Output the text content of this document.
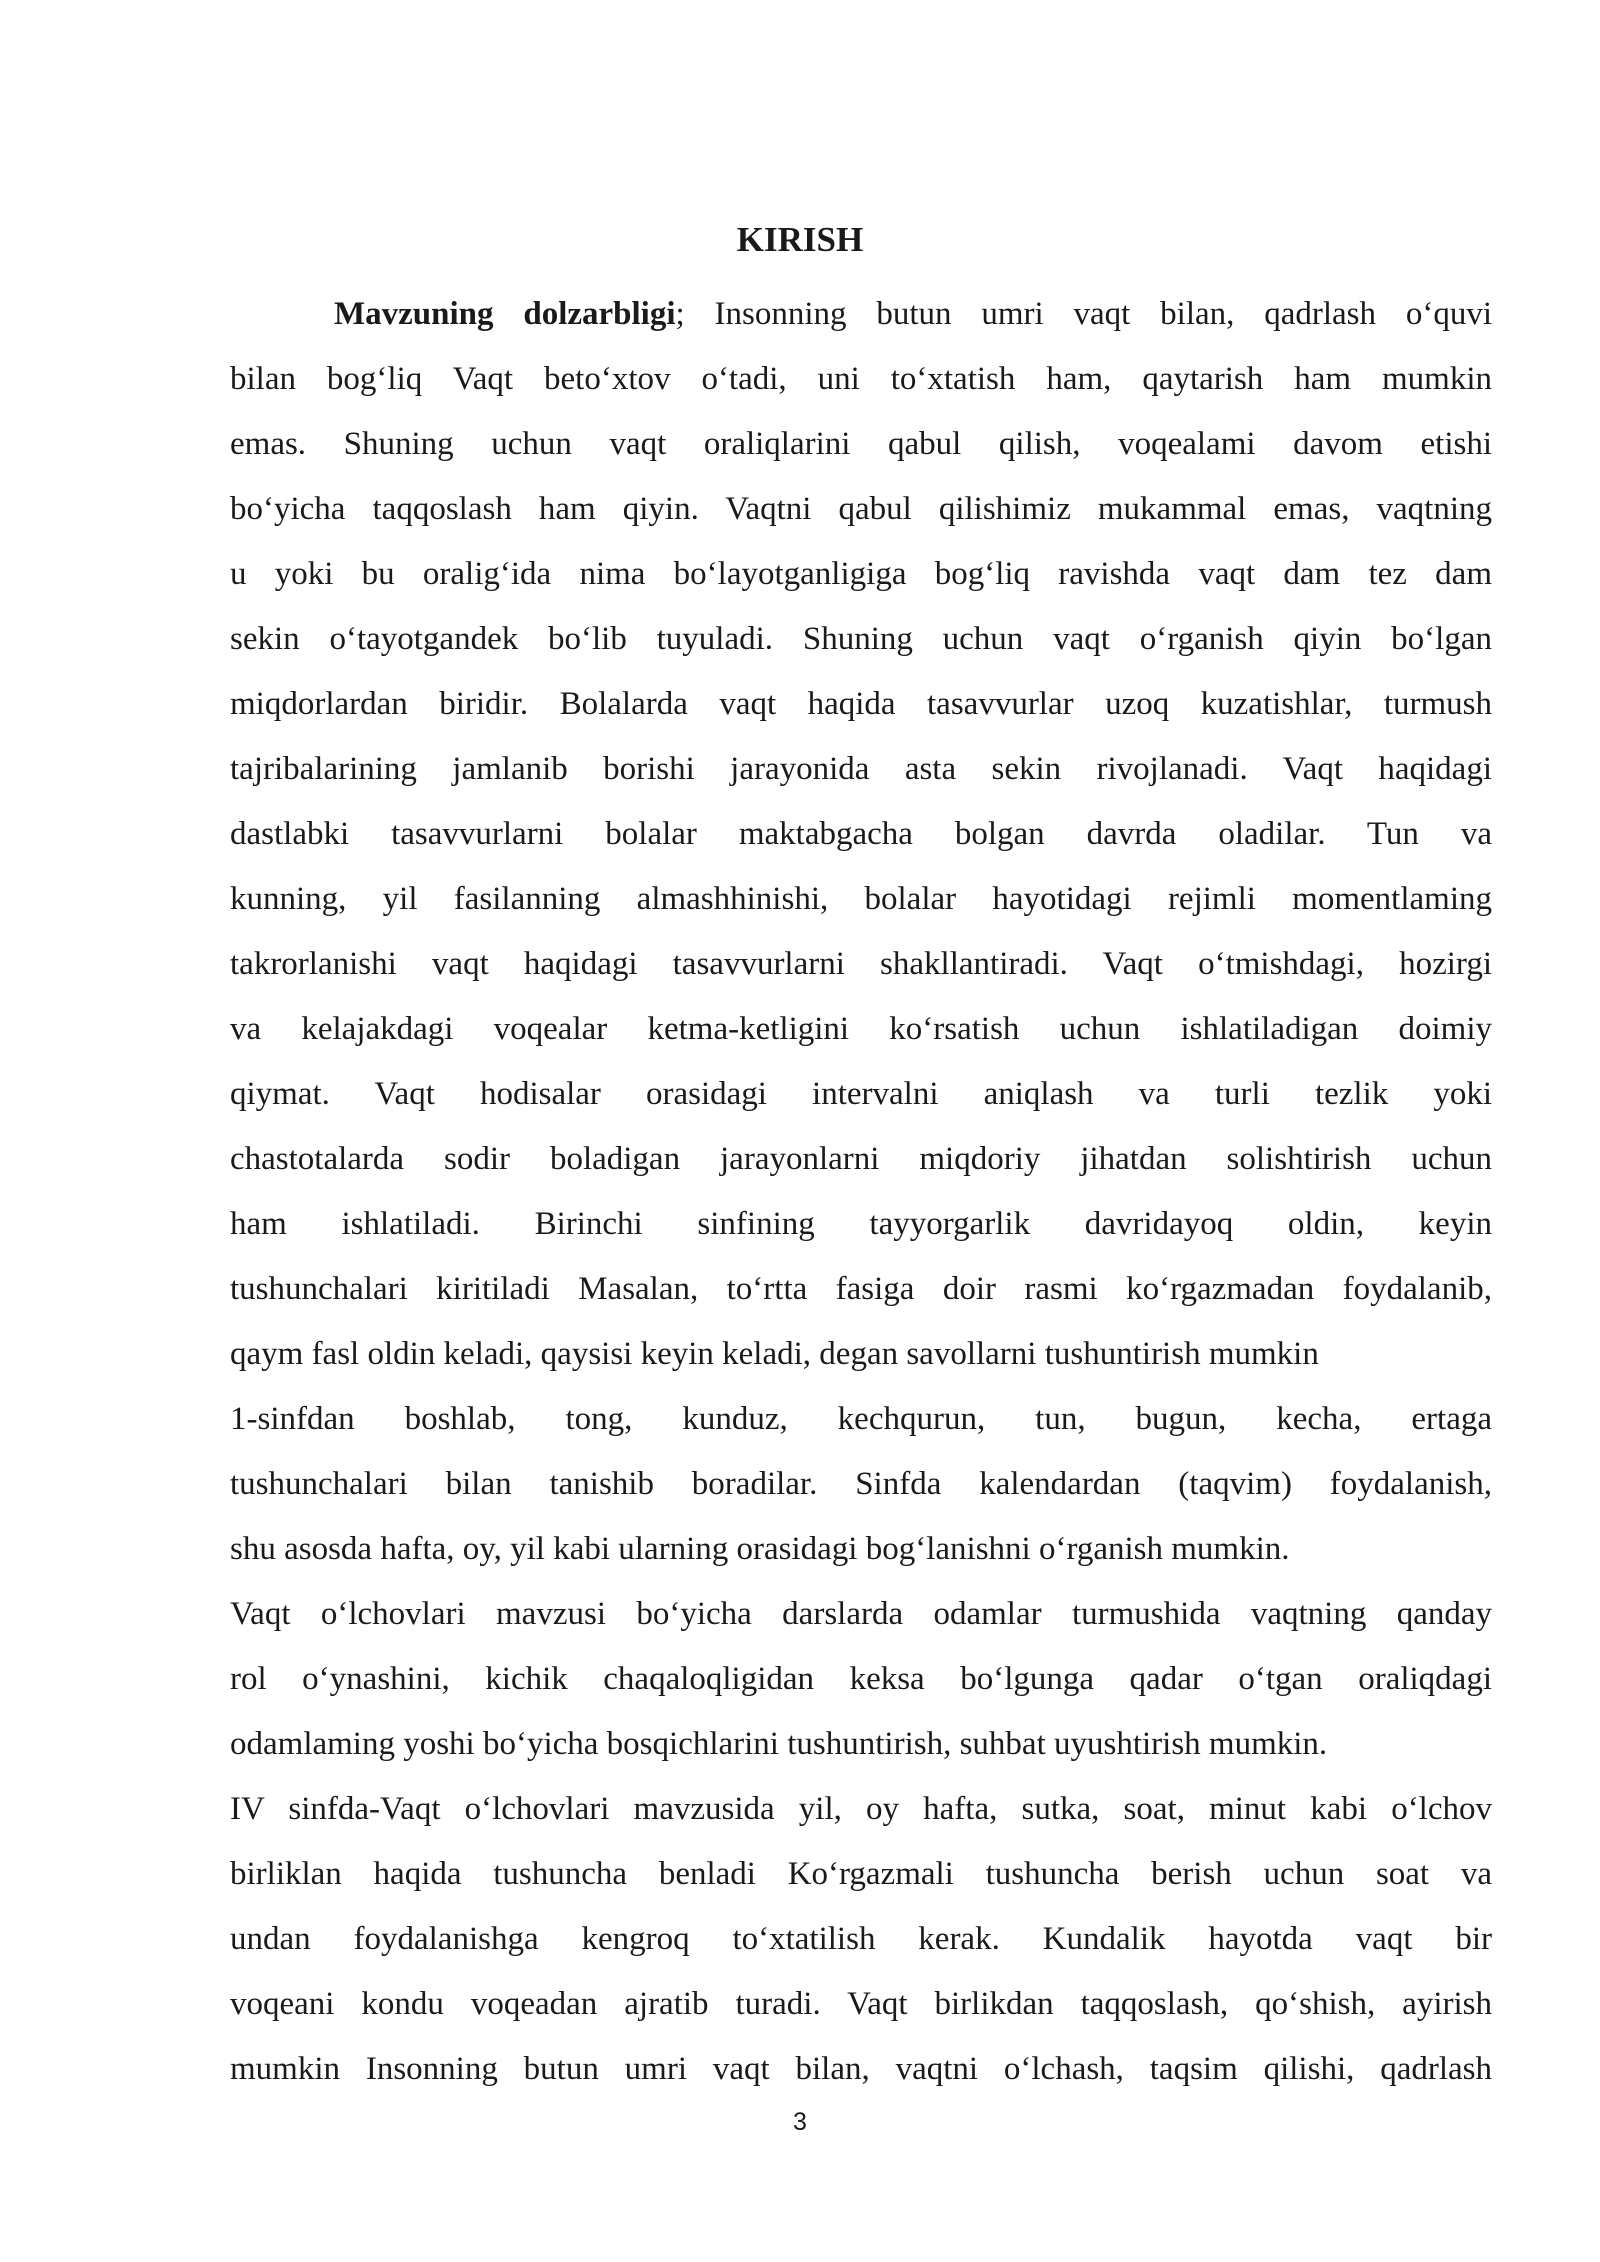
KIRISH
Mavzuning dolzarbligi; Insonning butun umri vaqt bilan, qadrlash o‘quvi
bilan bog‘liq Vaqt beto‘xtov o‘tadi, uni to‘xtatish ham, qaytarish ham mumkin
emas. Shuning uchun vaqt oraliqlarini qabul qilish, voqealami davom etishi
bo‘yicha taqqoslash ham qiyin. Vaqtni qabul qilishimiz mukammal emas, vaqtning
u yoki bu oralig‘ida nima bo‘layotganligiga bog‘liq ravishda vaqt dam tez dam
sekin o‘tayotgandek bo‘lib tuyuladi. Shuning uchun vaqt o‘rganish qiyin bo‘lgan
miqdorlardan biridir. Bolalarda vaqt haqida tasavvurlar uzoq kuzatishlar, turmush
tajribalarining jamlanib borishi jarayonida asta sekin rivojlanadi. Vaqt haqidagi
dastlabki tasavvurlarni bolalar maktabgacha bolgan davrda oladilar. Tun va
kunning, yil fasilanning almashhinishi, bolalar hayotidagi rejimli momentlaming
takrorlanishi vaqt haqidagi tasavvurlarni shakllantiradi. Vaqt o‘tmishdagi, hozirgi
va kelajakdagi voqealar ketma-ketligini ko‘rsatish uchun ishlatiladigan doimiy
qiymat. Vaqt hodisalar orasidagi intervalni aniqlash va turli tezlik yoki
chastotalarda sodir boladigan jarayonlarni miqdoriy jihatdan solishtirish uchun
ham ishlatiladi. Birinchi sinfining tayyorgarlik davridayoq oldin, keyin
tushunchalari kiritiladi Masalan, to‘rtta fasiga doir rasmi ko‘rgazmadan foydalanib,
qaym fasl oldin keladi, qaysisi keyin keladi, degan savollarni tushuntirish mumkin
1-sinfdan boshlab, tong, kunduz, kechqurun, tun, bugun, kecha, ertaga
tushunchalari bilan tanishib boradilar. Sinfda kalendardan (taqvim) foydalanish,
shu asosda hafta, oy, yil kabi ularning orasidagi bog‘lanishni o‘rganish mumkin.
Vaqt o‘lchovlari mavzusi bo‘yicha darslarda odamlar turmushida vaqtning qanday
rol o‘ynashini, kichik chaqaloqligidan keksa bo‘lgunga qadar o‘tgan oraliqdagi
odamlaming yoshi bo‘yicha bosqichlarini tushuntirish, suhbat uyushtirish mumkin.
IV sinfda-Vaqt o‘lchovlari mavzusida yil, oy hafta, sutka, soat, minut kabi o‘lchov
birliklan haqida tushuncha benladi Ko‘rgazmali tushuncha berish uchun soat va
undan foydalanishga kengroq to‘xtatilish kerak. Kundalik hayotda vaqt bir
voqeani kondu voqeadan ajratib turadi. Vaqt birlikdan taqqoslash, qo‘shish, ayirish
mumkin Insonning butun umri vaqt bilan, vaqtni o‘lchash, taqsim qilishi, qadrlash
3
